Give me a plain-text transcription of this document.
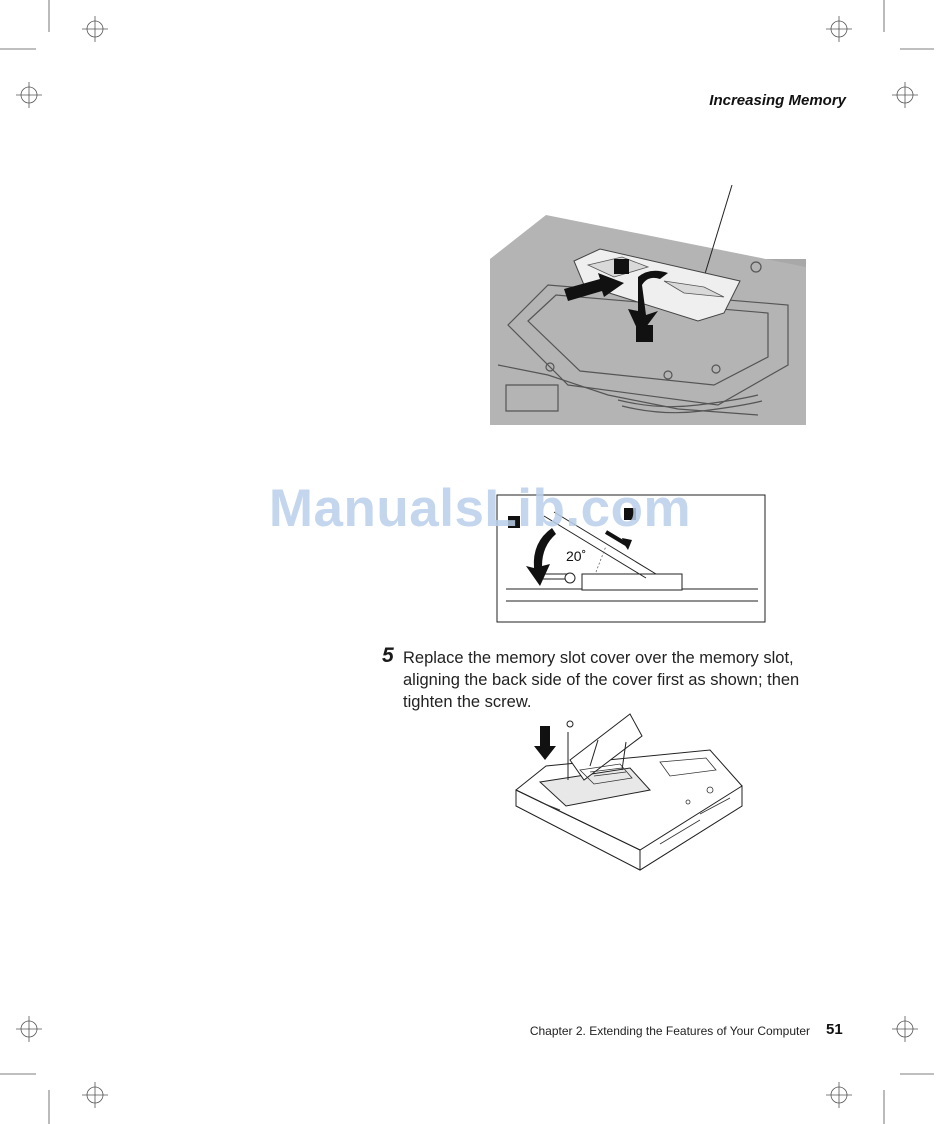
Increasing Memory
20˚
ManualsLib.com
5 Replace the memory slot cover over the memory slot,
aligning the back side of the cover first as shown; then
tighten the screw.
Chapter 2. Extending the Features of Your Computer 51
